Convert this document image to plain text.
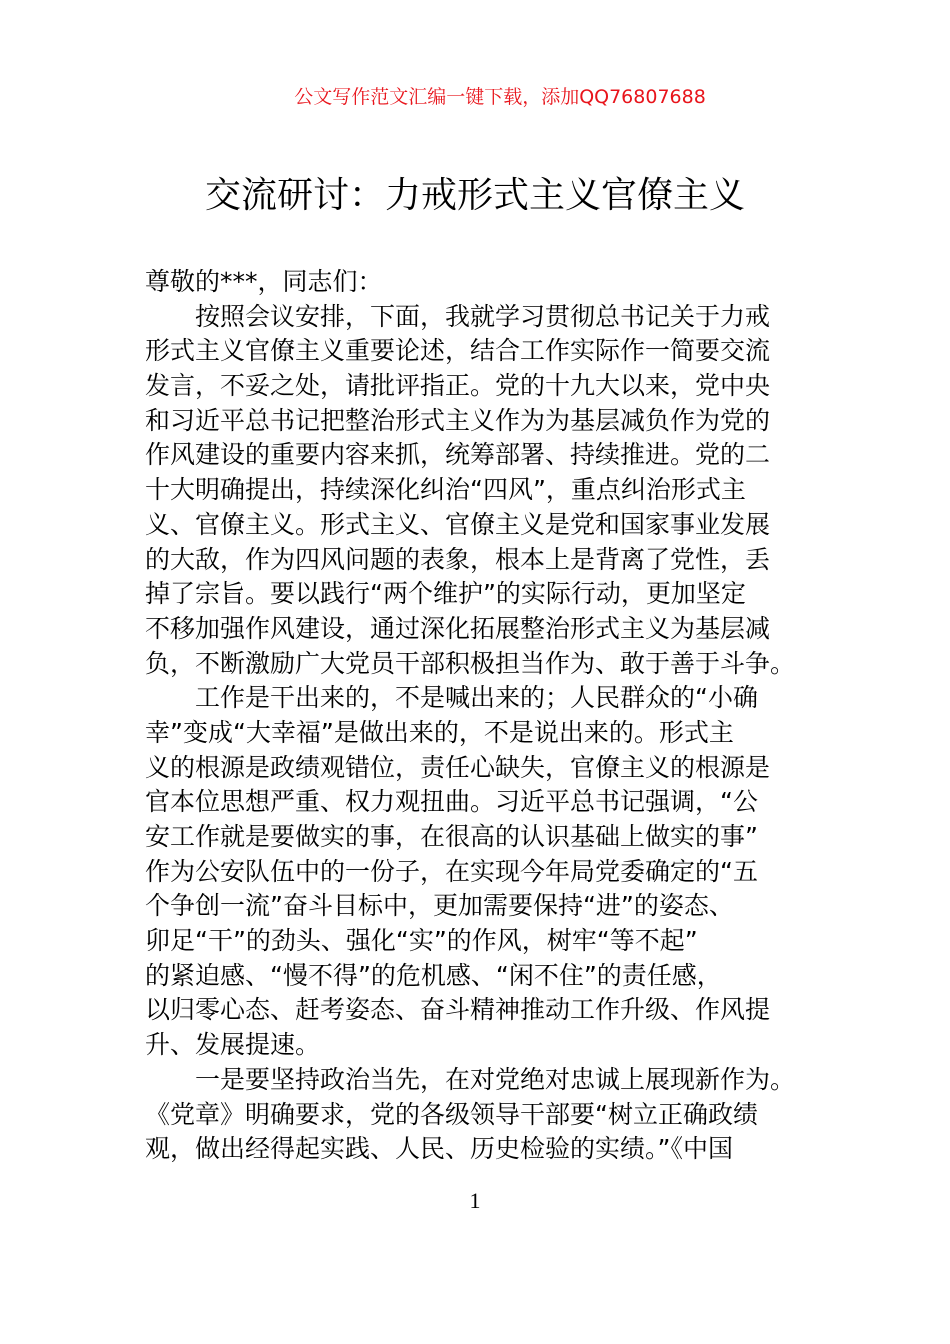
公文写作范文汇编一键下载，添加QQ76807688
交流研讨：力戒形式主义官僚主义
尊敬的***，同志们：
　　按照会议安排，下面，我就学习贯彻总书记关于力戒
形式主义官僚主义重要论述，结合工作实际作一简要交流
发言，不妥之处，请批评指正。党的十九大以来，党中央
和习近平总书记把整治形式主义作为为基层减负作为党的
作风建设的重要内容来抓，统筹部署、持续推进。党的二
十大明确提出，持续深化纠治“四风”，重点纠治形式主
义、官僚主义。形式主义、官僚主义是党和国家事业发展
的大敌，作为四风问题的表象，根本上是背离了党性，丢
掉了宗旨。要以践行“两个维护”的实际行动，更加坚定
不移加强作风建设，通过深化拓展整治形式主义为基层减
负，不断激励广大党员干部积极担当作为、敢于善于斗争。
　　工作是干出来的，不是喊出来的；人民群众的“小确
幸”变成“大幸福”是做出来的，不是说出来的。形式主
义的根源是政绩观错位，责任心缺失，官僚主义的根源是
官本位思想严重、权力观扭曲。习近平总书记强调，“公
安工作就是要做实的事，在很高的认识基础上做实的事”
作为公安队伍中的一份子，在实现今年局党委确定的“五
个争创一流”奋斗目标中，更加需要保持“进”的姿态、
卯足“干”的劲头、强化“实”的作风，树牢“等不起”
的紧迫感、“慢不得”的危机感、“闲不住”的责任感，
以归零心态、赶考姿态、奋斗精神推动工作升级、作风提
升、发展提速。
　　一是要坚持政治当先，在对党绝对忠诚上展现新作为。
《党章》明确要求，党的各级领导干部要“树立正确政绩
观，做出经得起实践、人民、历史检验的实绩。”《中国
1
